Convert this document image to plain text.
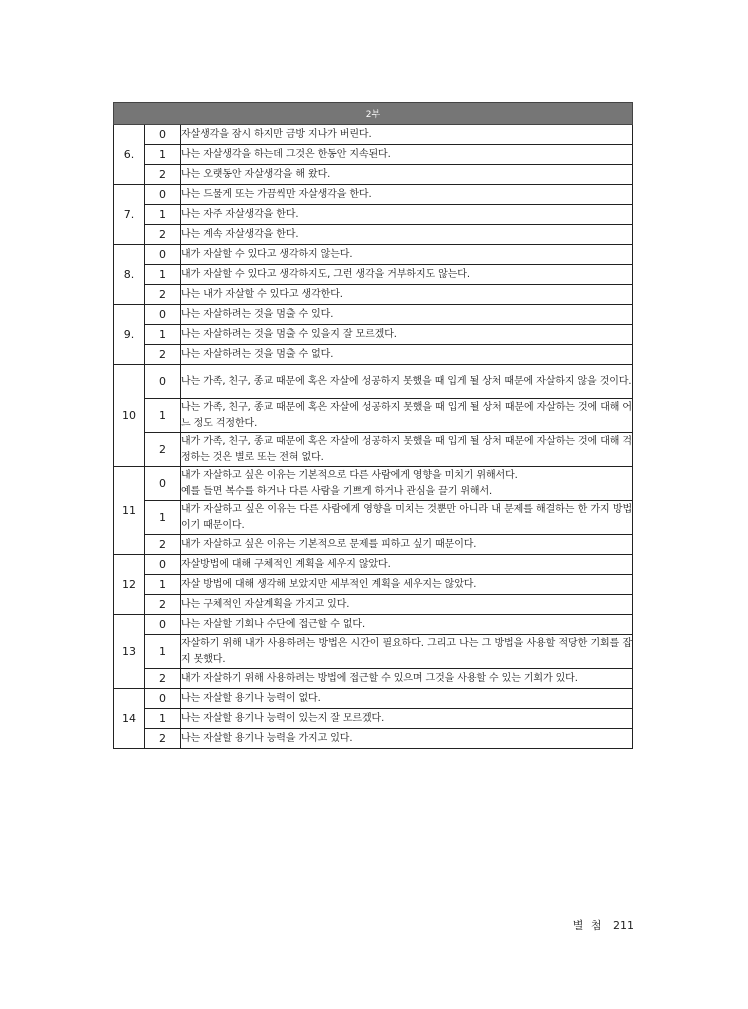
2부		
6.	0	자살생각을 잠시 하지만 금방 지나가 버린다.
	1	나는 자살생각을 하는데 그것은 한동안 지속된다.
	2	나는 오랫동안 자살생각을 해 왔다.
7.	0	나는 드물게 또는 가끔씩만 자살생각을 한다.
	1	나는 자주 자살생각을 한다.
	2	나는 계속 자살생각을 한다.
8.	0	내가 자살할 수 있다고 생각하지 않는다.
	1	내가 자살할 수 있다고 생각하지도, 그런 생각을 거부하지도 않는다.
	2	나는 내가 자살할 수 있다고 생각한다.
9.	0	나는 자살하려는 것을 멈출 수 있다.
	1	나는 자살하려는 것을 멈출 수 있을지 잘 모르겠다.
	2	나는 자살하려는 것을 멈출 수 없다.
10	0	나는 가족, 친구, 종교 때문에 혹은 자살에 성공하지 못했을 때 입게 될 상처 때문에 자살하지 않을 것이다.
	1	나는 가족, 친구, 종교 때문에 혹은 자살에 성공하지 못했을 때 입게 될 상처 때문에 자살하는 것에 대해 어느 정도 걱정한다.
	2	내가 가족, 친구, 종교 때문에 혹은 자살에 성공하지 못했을 때 입게 될 상처 때문에 자살하는 것에 대해 걱정하는 것은 별로 또는 전혀 없다.
11	0	내가 자살하고 싶은 이유는 기본적으로 다른 사람에게 영향을 미치기 위해서다.
예를 들면 복수를 하거나 다른 사람을 기쁘게 하거나 관심을 끌기 위해서.
	1	내가 자살하고 싶은 이유는 다른 사람에게 영향을 미치는 것뿐만 아니라 내 문제를 해결하는 한 가지 방법이기 때문이다.
	2	내가 자살하고 싶은 이유는 기본적으로 문제를 피하고 싶기 때문이다.
12	0	자살방법에 대해 구체적인 계획을 세우지 않았다.
	1	자살 방법에 대해 생각해 보았지만 세부적인 계획을 세우지는 않았다.
	2	나는 구체적인 자살계획을 가지고 있다.
13	0	나는 자살할 기회나 수단에 접근할 수 없다.
	1	자살하기 위해 내가 사용하려는 방법은 시간이 필요하다. 그리고 나는 그 방법을 사용할 적당한 기회를 잡지 못했다.
	2	내가 자살하기 위해 사용하려는 방법에 접근할 수 있으며 그것을 사용할 수 있는 기회가 있다.
14	0	나는 자살할 용기나 능력이 없다.
	1	나는 자살할 용기나 능력이 있는지 잘 모르겠다.
	2	나는 자살할 용기나 능력을 가지고 있다.
별 첨 211
